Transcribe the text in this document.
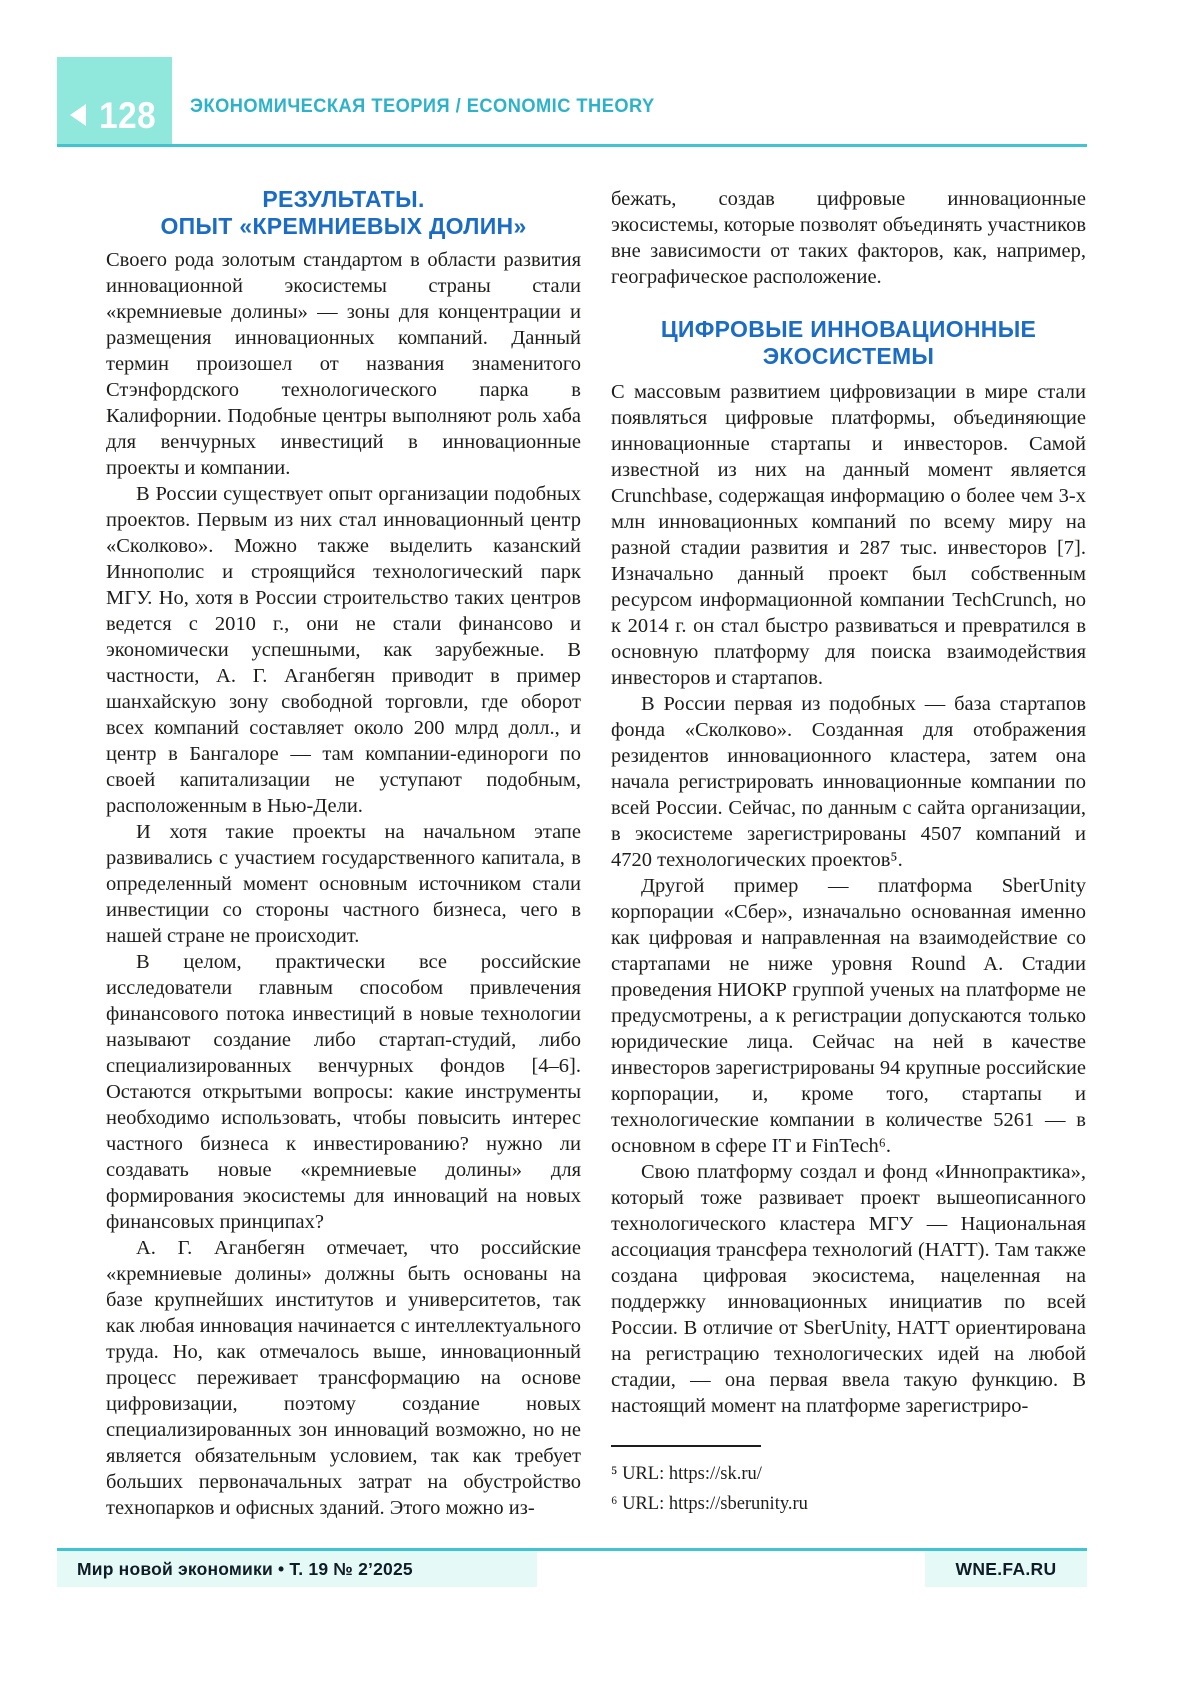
128 ЭКОНОМИЧЕСКАЯ ТЕОРИЯ / ECONOMIC THEORY
РЕЗУЛЬТАТЫ.
ОПЫТ «КРЕМНИЕВЫХ ДОЛИН»

Своего рода золотым стандартом в области развития инновационной экосистемы страны стали «кремниевые долины» — зоны для концентрации и размещения инновационных компаний. Данный термин произошел от названия знаменитого Стэнфордского технологического парка в Калифорнии. Подобные центры выполняют роль хаба для венчурных инвестиций в инновационные проекты и компании.

В России существует опыт организации подобных проектов. Первым из них стал инновационный центр «Сколково». Можно также выделить казанский Иннополис и строящийся технологический парк МГУ. Но, хотя в России строительство таких центров ведется с 2010 г., они не стали финансово и экономически успешными, как зарубежные. В частности, А. Г. Аганбегян приводит в пример шанхайскую зону свободной торговли, где оборот всех компаний составляет около 200 млрд долл., и центр в Бангалоре — там компании-единороги по своей капитализации не уступают подобным, расположенным в Нью-Дели.

И хотя такие проекты на начальном этапе развивались с участием государственного капитала, в определенный момент основным источником стали инвестиции со стороны частного бизнеса, чего в нашей стране не происходит.

В целом, практически все российские исследователи главным способом привлечения финансового потока инвестиций в новые технологии называют создание либо стартап-студий, либо специализированных венчурных фондов [4–6]. Остаются открытыми вопросы: какие инструменты необходимо использовать, чтобы повысить интерес частного бизнеса к инвестированию? нужно ли создавать новые «кремниевые долины» для формирования экосистемы для инноваций на новых финансовых принципах?

А. Г. Аганбегян отмечает, что российские «кремниевые долины» должны быть основаны на базе крупнейших институтов и университетов, так как любая инновация начинается с интеллектуального труда. Но, как отмечалось выше, инновационный процесс переживает трансформацию на основе цифровизации, поэтому создание новых специализированных зон инноваций возможно, но не является обязательным условием, так как требует больших первоначальных затрат на обустройство технопарков и офисных зданий. Этого можно из-

бежать, создав цифровые инновационные экосистемы, которые позволят объединять участников вне зависимости от таких факторов, как, например, географическое расположение.

ЦИФРОВЫЕ ИННОВАЦИОННЫЕ
ЭКОСИСТЕМЫ

С массовым развитием цифровизации в мире стали появляться цифровые платформы, объединяющие инновационные стартапы и инвесторов. Самой известной из них на данный момент является Crunchbase, содержащая информацию о более чем 3-х млн инновационных компаний по всему миру на разной стадии развития и 287 тыс. инвесторов [7]. Изначально данный проект был собственным ресурсом информационной компании TechCrunch, но к 2014 г. он стал быстро развиваться и превратился в основную платформу для поиска взаимодействия инвесторов и стартапов.

В России первая из подобных — база стартапов фонда «Сколково». Созданная для отображения резидентов инновационного кластера, затем она начала регистрировать инновационные компании по всей России. Сейчас, по данным с сайта организации, в экосистеме зарегистрированы 4507 компаний и 4720 технологических проектов⁵.

Другой пример — платформа SberUnity корпорации «Сбер», изначально основанная именно как цифровая и направленная на взаимодействие со стартапами не ниже уровня Round A. Стадии проведения НИОКР группой ученых на платформе не предусмотрены, а к регистрации допускаются только юридические лица. Сейчас на ней в качестве инвесторов зарегистрированы 94 крупные российские корпорации, и, кроме того, стартапы и технологические компании в количестве 5261 — в основном в сфере IT и FinTech⁶.

Свою платформу создал и фонд «Иннопрактика», который тоже развивает проект вышеописанного технологического кластера МГУ — Национальная ассоциация трансфера технологий (НАТТ). Там также создана цифровая экосистема, нацеленная на поддержку инновационных инициатив по всей России. В отличие от SberUnity, НАТТ ориентирована на регистрацию технологических идей на любой стадии, — она первая ввела такую функцию. В настоящий момент на платформе зарегистриро-

⁵ URL: https://sk.ru/

⁶ URL: https://sberunity.ru

Мир новой экономики • Т. 19 № 2’2025	WNE.FA.RU
